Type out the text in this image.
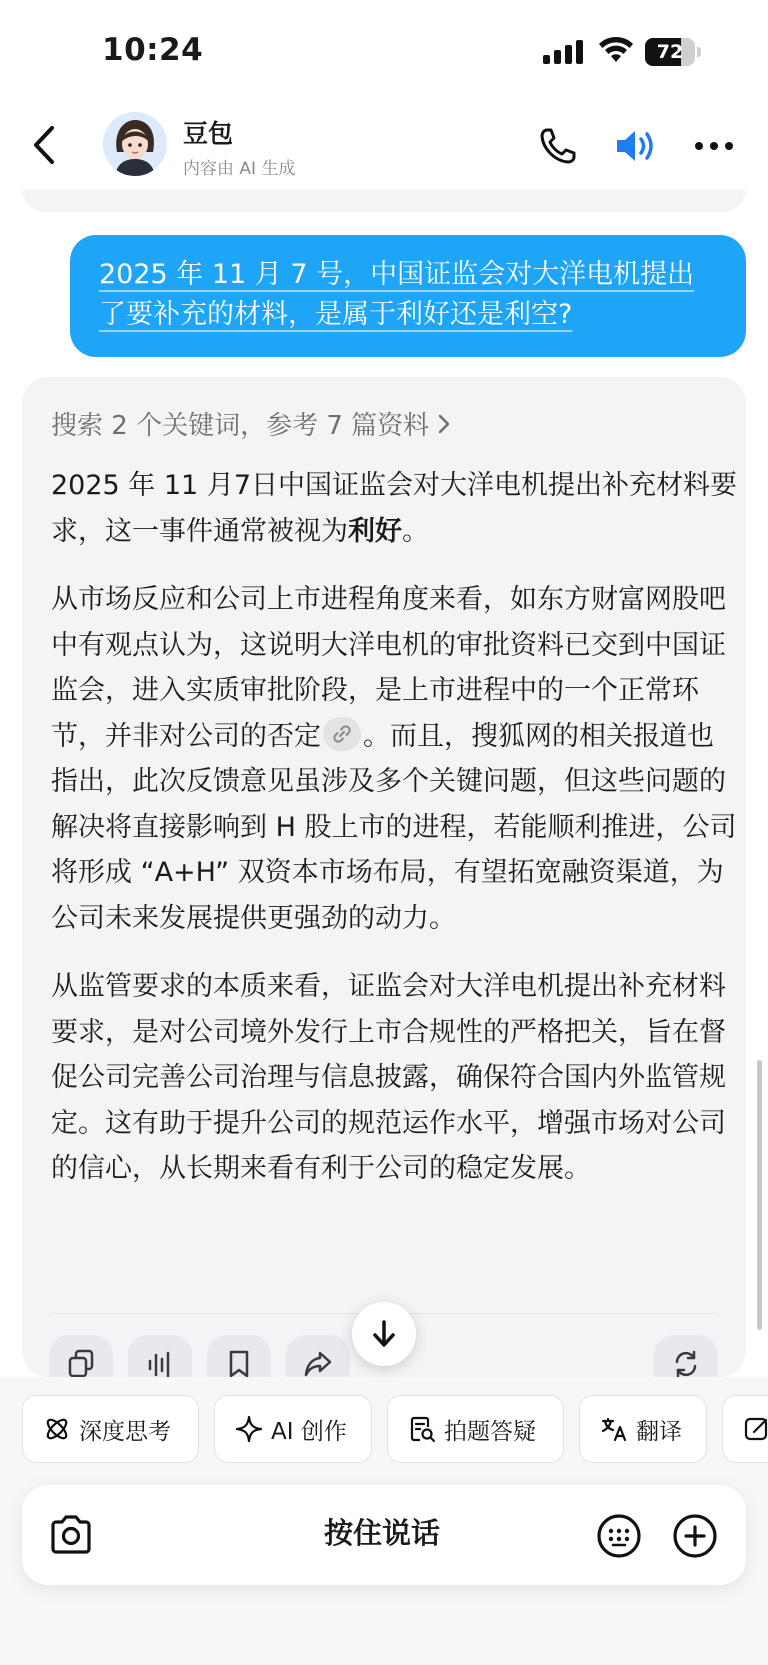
10:24	72
豆包
内容由 AI 生成
2025 年 11 月 7 号，中国证监会对大洋电机提出了要补充的材料，是属于利好还是利空?
搜索 2 个关键词，参考 7 篇资料

2025 年 11 月7日中国证监会对大洋电机提出补充材料要求，这一事件通常被视为利好。

从市场反应和公司上市进程角度来看，如东方财富网股吧中有观点认为，这说明大洋电机的审批资料已交到中国证监会，进入实质审批阶段，是上市进程中的一个正常环节，并非对公司的否定 。而且，搜狐网的相关报道也指出，此次反馈意见虽涉及多个关键问题，但这些问题的解决将直接影响到 H 股上市的进程，若能顺利推进，公司将形成 “A+H” 双资本市场布局，有望拓宽融资渠道，为公司未来发展提供更强劲的动力。

从监管要求的本质来看，证监会对大洋电机提出补充材料要求，是对公司境外发行上市合规性的严格把关，旨在督促公司完善公司治理与信息披露，确保符合国内外监管规定。这有助于提升公司的规范运作水平，增强市场对公司的信心，从长期来看有利于公司的稳定发展。

深度思考	AI 创作	拍题答疑	翻译
按住说话
